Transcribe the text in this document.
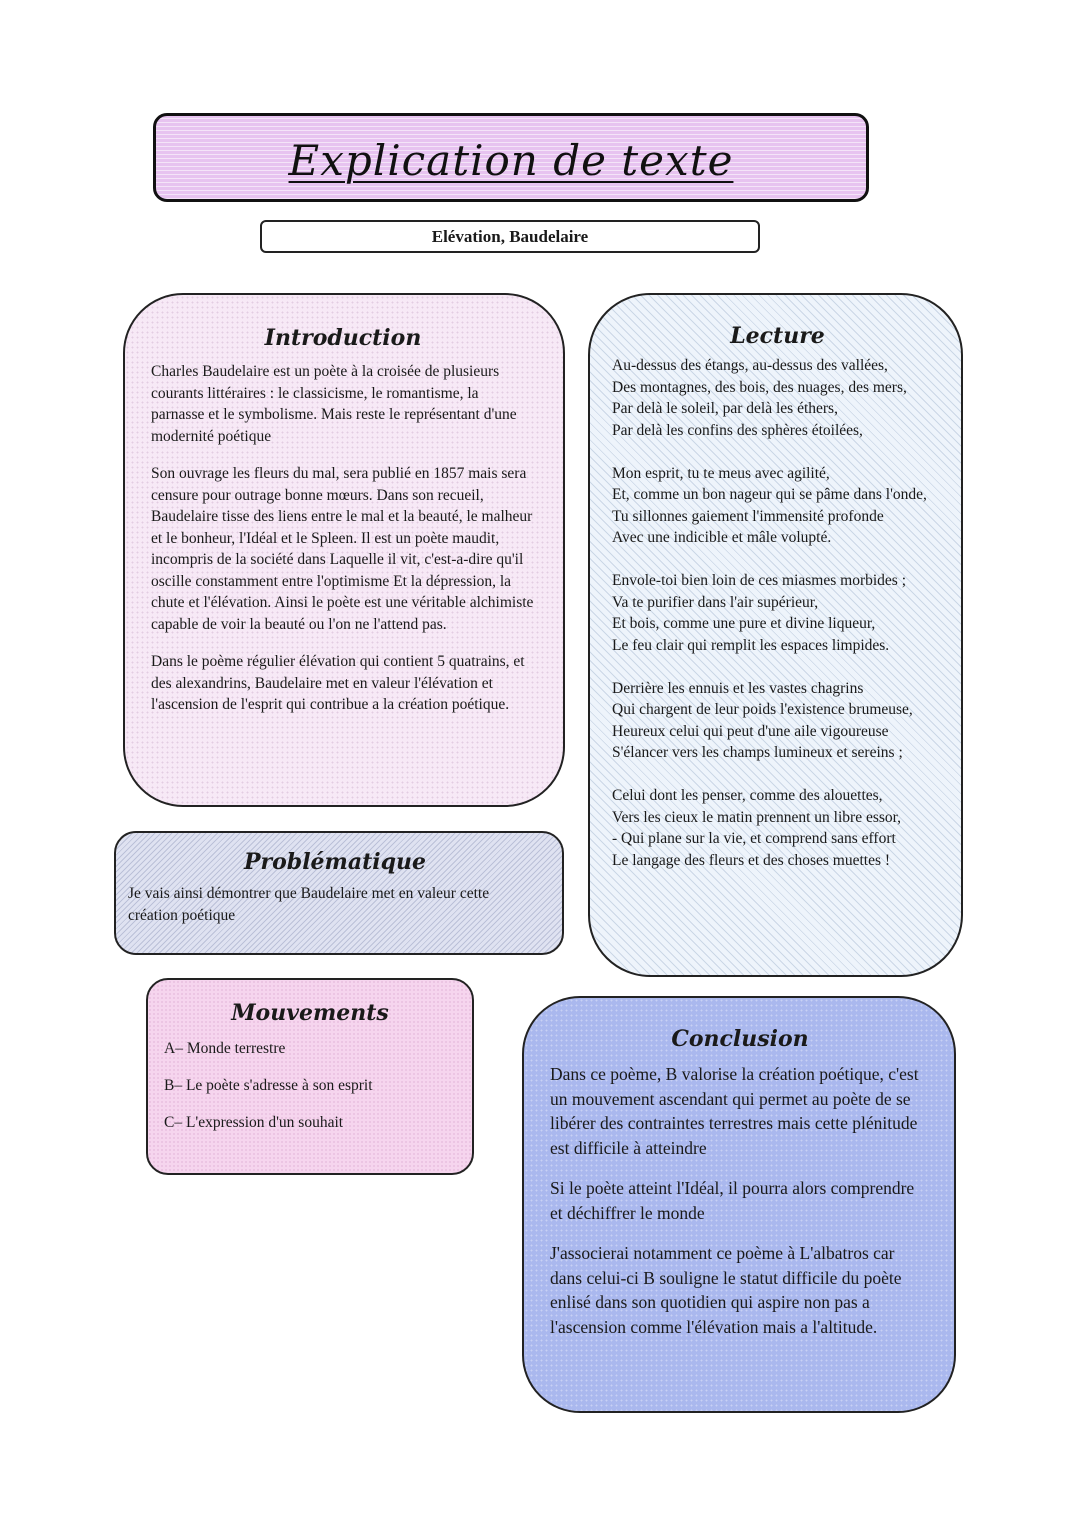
Explication de texte
Elévation, Baudelaire
Introduction

Charles Baudelaire est un poète à la croisée de plusieurs courants littéraires : le classicisme, le romantisme, la parnasse et le symbolisme. Mais reste le représentant d'une modernité poétique

Son ouvrage les fleurs du mal, sera publié en 1857 mais sera censure pour outrage bonne mœurs. Dans son recueil, Baudelaire tisse des liens entre le mal et la beauté, le malheur et le bonheur, l'Idéal et le Spleen. Il est un poète maudit, incompris de la société dans Laquelle il vit, c'est-a-dire qu'il oscille constamment entre l'optimisme Et la dépression, la chute et l'élévation. Ainsi le poète est une véritable alchimiste capable de voir la beauté ou l'on ne l'attend pas.

Dans le poème régulier élévation qui contient 5 quatrains, et des alexandrins, Baudelaire met en valeur l'élévation et l'ascension de l'esprit qui contribue a la création poétique.

Lecture
Au-dessus des étangs, au-dessus des vallées,
Des montagnes, des bois, des nuages, des mers,
Par delà le soleil, par delà les éthers,
Par delà les confins des sphères étoilées,
Mon esprit, tu te meus avec agilité,
Et, comme un bon nageur qui se pâme dans l'onde,
Tu sillonnes gaiement l'immensité profonde
Avec une indicible et mâle volupté.
Envole-toi bien loin de ces miasmes morbides ;
Va te purifier dans l'air supérieur,
Et bois, comme une pure et divine liqueur,
Le feu clair qui remplit les espaces limpides.
Derrière les ennuis et les vastes chagrins
Qui chargent de leur poids l'existence brumeuse,
Heureux celui qui peut d'une aile vigoureuse
S'élancer vers les champs lumineux et sereins ;
Celui dont les penser, comme des alouettes,
Vers les cieux le matin prennent un libre essor,
- Qui plane sur la vie, et comprend sans effort
Le langage des fleurs et des choses muettes !
Problématique

Je vais ainsi démontrer que Baudelaire met en valeur cette création poétique

Mouvements
A– Monde terrestre
B– Le poète s'adresse à son esprit
C– L'expression d'un souhait
Conclusion

Dans ce poème, B valorise la création poétique, c'est un mouvement ascendant qui permet au poète de se libérer des contraintes terrestres mais cette plénitude est difficile à atteindre

Si le poète atteint l'Idéal, il pourra alors comprendre et déchiffrer le monde

J'associerai notamment ce poème à L'albatros car dans celui-ci B souligne le statut difficile du poète enlisé dans son quotidien qui aspire non pas a l'ascension comme l'élévation mais a l'altitude.
